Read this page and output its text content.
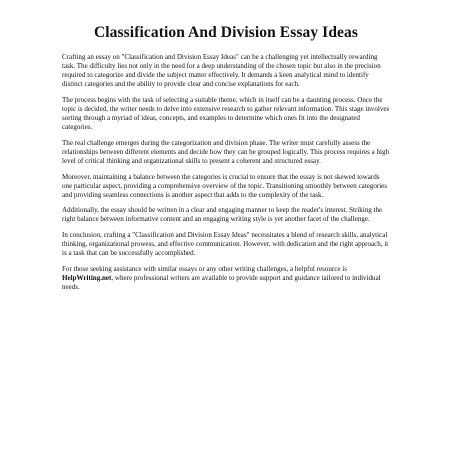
Classification And Division Essay Ideas

Crafting an essay on "Classification and Division Essay Ideas" can be a challenging yet intellectually rewarding task. The difficulty lies not only in the need for a deep understanding of the chosen topic but also in the precision required to categorize and divide the subject matter effectively. It demands a keen analytical mind to identify distinct categories and the ability to provide clear and concise explanations for each.

The process begins with the task of selecting a suitable theme, which in itself can be a daunting process. Once the topic is decided, the writer needs to delve into extensive research to gather relevant information. This stage involves sorting through a myriad of ideas, concepts, and examples to determine which ones fit into the designated categories.

The real challenge emerges during the categorization and division phase. The writer must carefully assess the relationships between different elements and decide how they can be grouped logically. This process requires a high level of critical thinking and organizational skills to present a coherent and structured essay.

Moreover, maintaining a balance between the categories is crucial to ensure that the essay is not skewed towards one particular aspect, providing a comprehensive overview of the topic. Transitioning smoothly between categories and providing seamless connections is another aspect that adds to the complexity of the task.

Additionally, the essay should be written in a clear and engaging manner to keep the reader's interest. Striking the right balance between informative content and an engaging writing style is yet another facet of the challenge.

In conclusion, crafting a "Classification and Division Essay Ideas" necessitates a blend of research skills, analytical thinking, organizational prowess, and effective communication. However, with dedication and the right approach, it is a task that can be successfully accomplished.

For those seeking assistance with similar essays or any other writing challenges, a helpful resource is HelpWriting.net, where professional writers are available to provide support and guidance tailored to individual needs.
